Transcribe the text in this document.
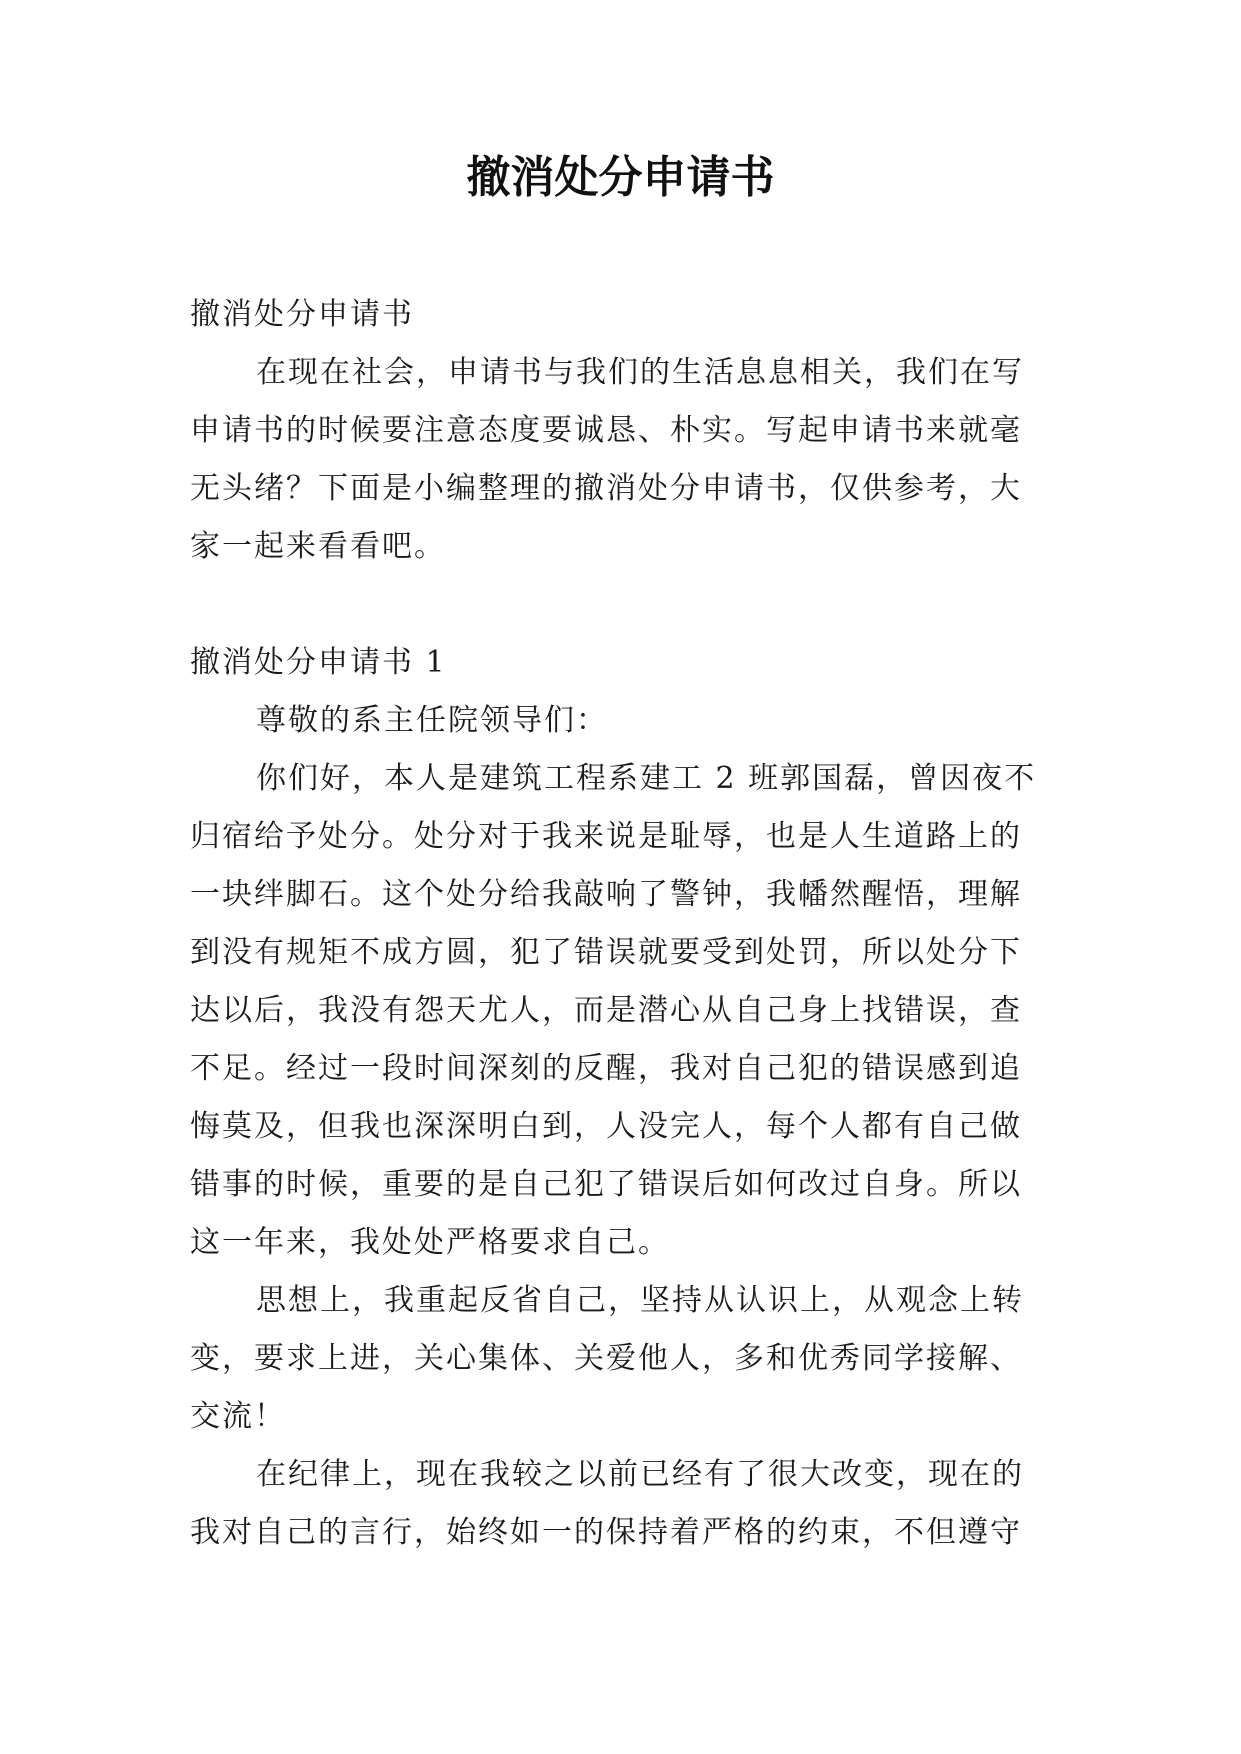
撤消处分申请书

撤消处分申请书

在现在社会，申请书与我们的生活息息相关，我们在写

申请书的时候要注意态度要诚恳、朴实。写起申请书来就毫

无头绪？下面是小编整理的撤消处分申请书，仅供参考，大

家一起来看看吧。

撤消处分申请书 1

尊敬的系主任院领导们：

你们好，本人是建筑工程系建工 2 班郭国磊，曾因夜不

归宿给予处分。处分对于我来说是耻辱，也是人生道路上的

一块绊脚石。这个处分给我敲响了警钟，我幡然醒悟，理解

到没有规矩不成方圆，犯了错误就要受到处罚，所以处分下

达以后，我没有怨天尤人，而是潜心从自己身上找错误，查

不足。经过一段时间深刻的反醒，我对自己犯的错误感到追

悔莫及，但我也深深明白到，人没完人，每个人都有自己做

错事的时候，重要的是自己犯了错误后如何改过自身。所以

这一年来，我处处严格要求自己。

思想上，我重起反省自己，坚持从认识上，从观念上转

变，要求上进，关心集体、关爱他人，多和优秀同学接解、

交流！

在纪律上，现在我较之以前已经有了很大改变，现在的

我对自己的言行，始终如一的保持着严格的约束，不但遵守
